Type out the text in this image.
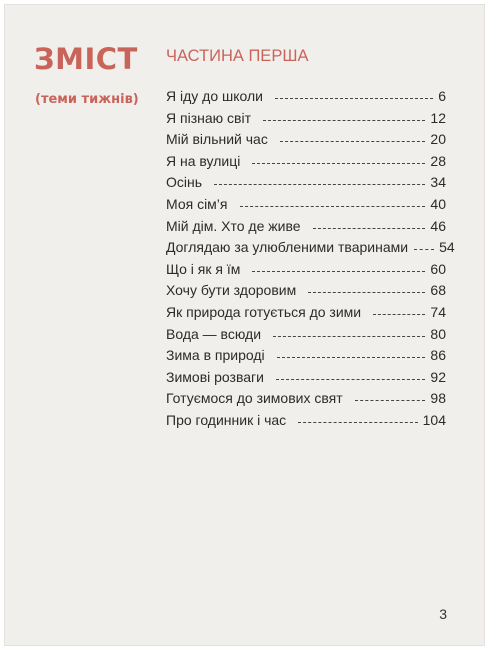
ЗМІСТ
(теми тижнів)
ЧАСТИНА ПЕРША
Я іду до школи	6
Я пізнаю світ	12
Мій вільний час	20
Я на вулиці	28
Осінь	34
Моя сім’я	40
Мій дім. Хто де живе	46
Доглядаю за улюбленими тваринами 54
Що і як я їм	60
Хочу бути здоровим	68
Як природа готується до зими	74
Вода — всюди	80
Зима в природі	86
Зимові розваги	92
Готуємося до зимових свят	98
Про годинник і час	104
3
